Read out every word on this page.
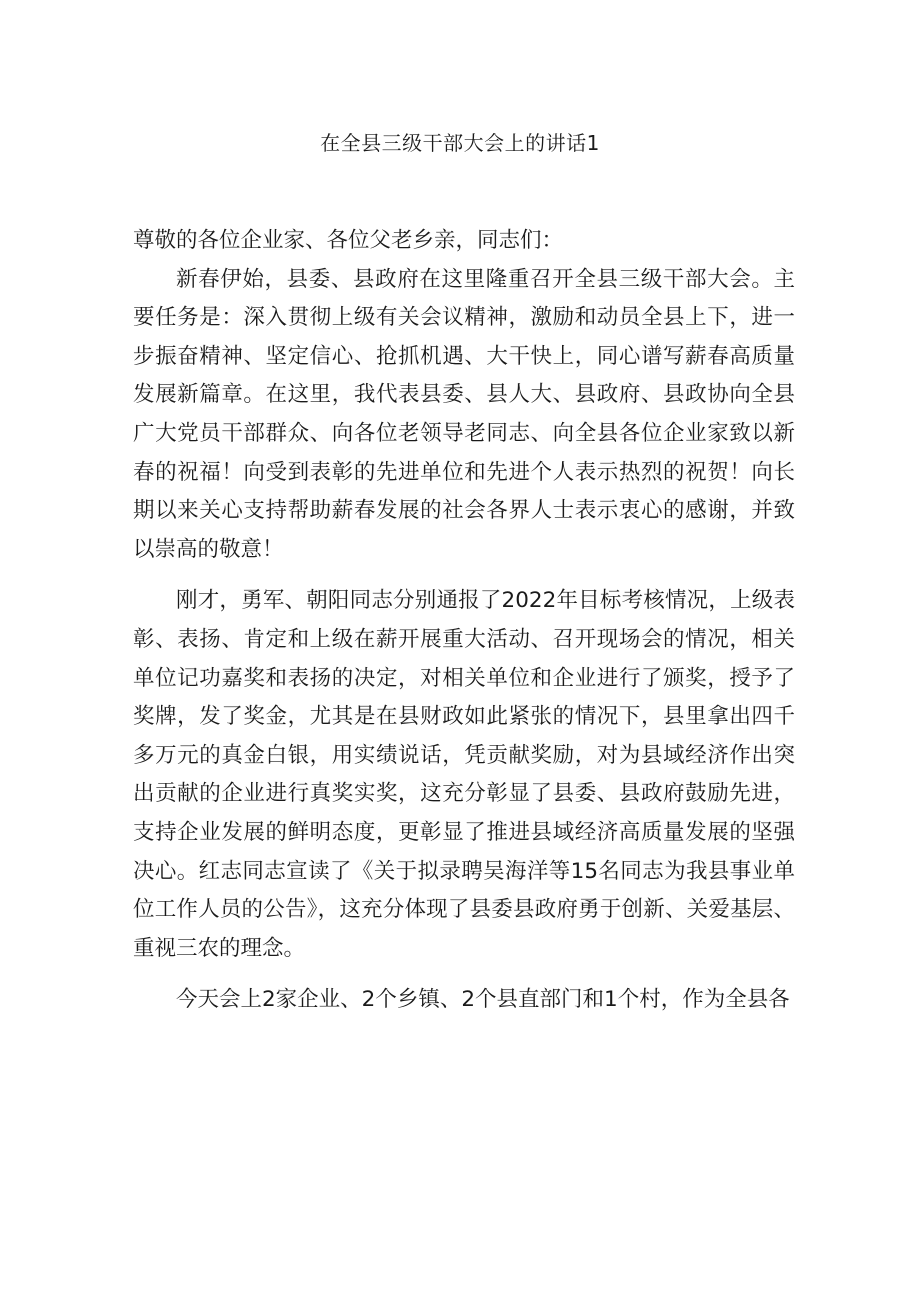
在全县三级干部大会上的讲话1

尊敬的各位企业家、各位父老乡亲，同志们：

新春伊始，县委、县政府在这里隆重召开全县三级干部大会。主要任务是：深入贯彻上级有关会议精神，激励和动员全县上下，进一步振奋精神、坚定信心、抢抓机遇、大干快上，同心谱写薪春高质量发展新篇章。在这里，我代表县委、县人大、县政府、县政协向全县广大党员干部群众、向各位老领导老同志、向全县各位企业家致以新春的祝福！向受到表彰的先进单位和先进个人表示热烈的祝贺！向长期以来关心支持帮助薪春发展的社会各界人士表示衷心的感谢，并致以崇高的敬意！

刚才，勇军、朝阳同志分别通报了2022年目标考核情况，上级表彰、表扬、肯定和上级在薪开展重大活动、召开现场会的情况，相关单位记功嘉奖和表扬的决定，对相关单位和企业进行了颁奖，授予了奖牌，发了奖金，尤其是在县财政如此紧张的情况下，县里拿出四千多万元的真金白银，用实绩说话，凭贡献奖励，对为县域经济作出突出贡献的企业进行真奖实奖，这充分彰显了县委、县政府鼓励先进，支持企业发展的鲜明态度，更彰显了推进县域经济高质量发展的坚强决心。红志同志宣读了《关于拟录聘吴海洋等15名同志为我县事业单位工作人员的公告》，这充分体现了县委县政府勇于创新、关爱基层、重视三农的理念。

今天会上2家企业、2个乡镇、2个县直部门和1个村，作为全县各
